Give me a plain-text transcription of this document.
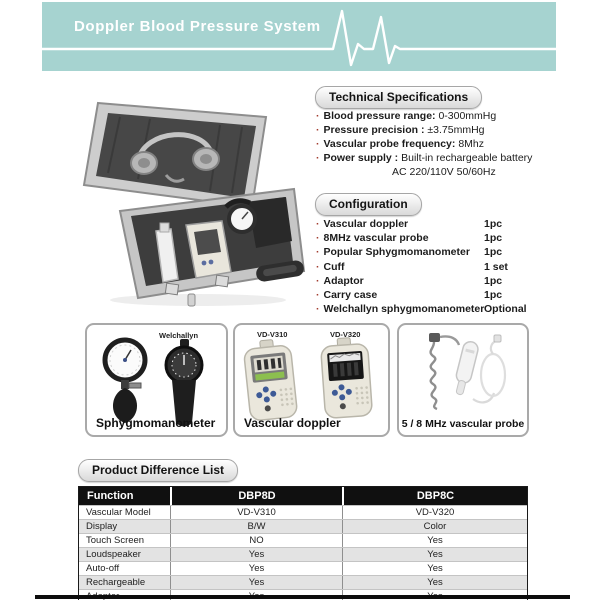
Doppler Blood Pressure System
Technical Specifications
· Blood pressure range: 0-300mmHg
· Pressure precision : ±3.75mmHg
· Vascular probe frequency: 8Mhz
· Power supply : Built-in rechargeable battery
AC 220/110V 50/60Hz
Configuration
· Vascular doppler	1pc
· 8MHz vascular probe	1pc
· Popular Sphygmomanometer 1pc
· Cuff	1 set
· Adaptor	1pc
· Carry case	1pc
· Welchallyn sphygmomanometer Optional
Welchallyn
Sphygmomanometer
VD-V310	VD-V320
Vascular doppler	5 / 8 MHz vascular probe
Product Difference List
Function	DBP8D	DBP8C
Vascular Model	VD-V310	VD-V320
Display	B/W	Color
Touch Screen	NO	Yes
Loudspeaker	Yes	Yes
Auto-off	Yes	Yes
Rechargeable	Yes	Yes
